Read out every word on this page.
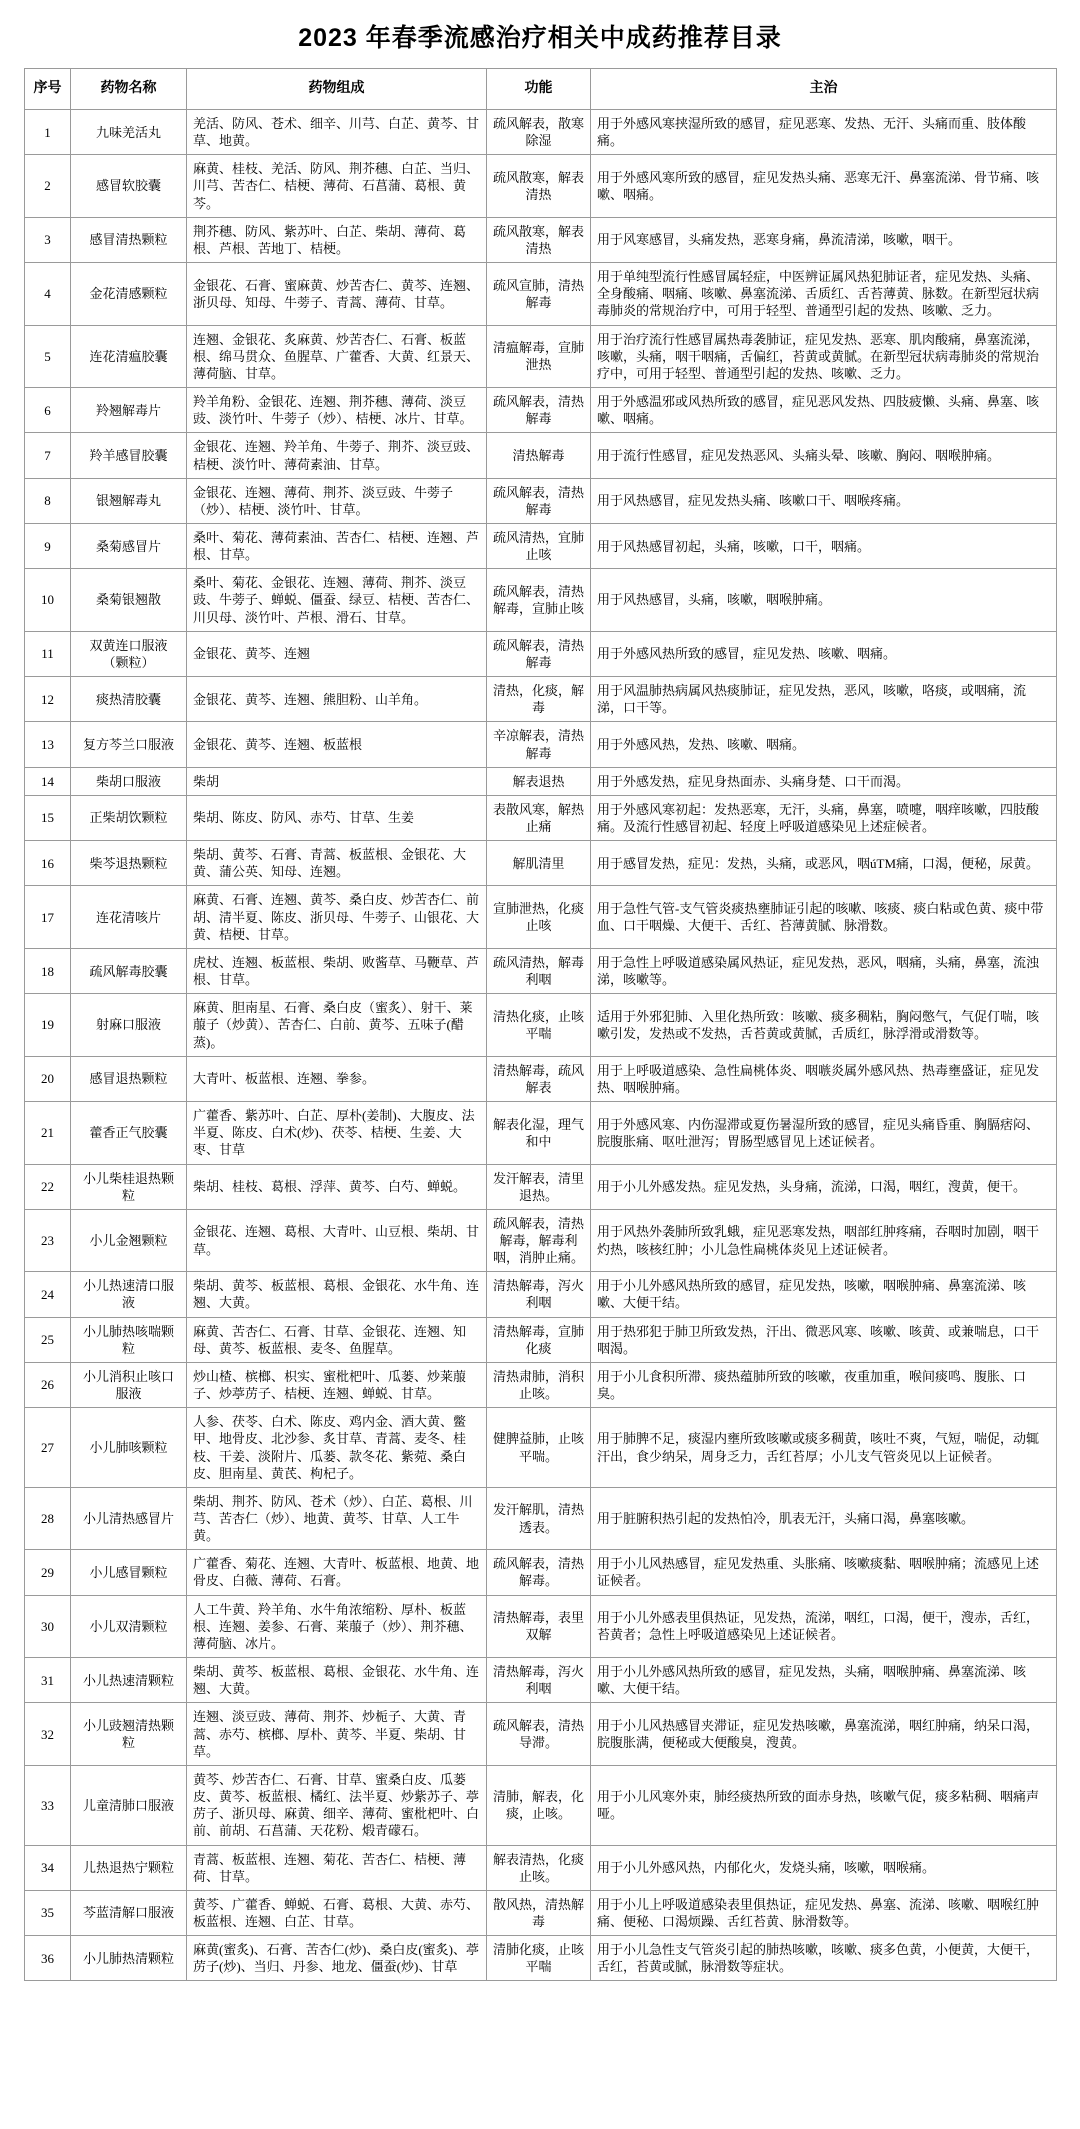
2023 年春季流感治疗相关中成药推荐目录
序号	药物名称	药物组成	功能	主治
1	九味羌活丸	羌活、防风、苍术、细辛、川芎、白芷、黄芩、甘草、地黄。	疏风解表，散寒除湿	用于外感风寒挟湿所致的感冒，症见恶寒、发热、无汗、头痛而重、肢体酸痛。
2	感冒软胶囊	麻黄、桂枝、羌活、防风、荆芥穗、白芷、当归、川芎、苦杏仁、桔梗、薄荷、石菖蒲、葛根、黄芩。	疏风散寒，解表清热	用于外感风寒所致的感冒，症见发热头痛、恶寒无汗、鼻塞流涕、骨节痛、咳嗽、咽痛。
3	感冒清热颗粒	荆芥穗、防风、紫苏叶、白芷、柴胡、薄荷、葛根、芦根、苦地丁、桔梗。	疏风散寒，解表清热	用于风寒感冒，头痛发热，恶寒身痛，鼻流清涕，咳嗽，咽干。
4	金花清感颗粒	金银花、石膏、蜜麻黄、炒苦杏仁、黄芩、连翘、浙贝母、知母、牛蒡子、青蒿、薄荷、甘草。	疏风宣肺，清热解毒	用于单纯型流行性感冒属轻症，中医辨证属风热犯肺证者，症见发热、头痛、全身酸痛、咽痛、咳嗽、鼻塞流涕、舌质红、舌苔薄黄、脉数。在新型冠状病毒肺炎的常规治疗中，可用于轻型、普通型引起的发热、咳嗽、乏力。
5	连花清瘟胶囊	连翘、金银花、炙麻黄、炒苦杏仁、石膏、板蓝根、绵马贯众、鱼腥草、广藿香、大黄、红景天、薄荷脑、甘草。	清瘟解毒，宣肺泄热	用于治疗流行性感冒属热毒袭肺证，症见发热、恶寒、肌肉酸痛，鼻塞流涕，咳嗽，头痛，咽干咽痛，舌偏红，苔黄或黄腻。在新型冠状病毒肺炎的常规治疗中，可用于轻型、普通型引起的发热、咳嗽、乏力。
6	羚翘解毒片	羚羊角粉、金银花、连翘、荆芥穗、薄荷、淡豆豉、淡竹叶、牛蒡子（炒）、桔梗、冰片、甘草。	疏风解表，清热解毒	用于外感温邪或风热所致的感冒，症见恶风发热、四肢疲懒、头痛、鼻塞、咳嗽、咽痛。
7	羚羊感冒胶囊	金银花、连翘、羚羊角、牛蒡子、荆芥、淡豆豉、桔梗、淡竹叶、薄荷素油、甘草。	清热解毒	用于流行性感冒，症见发热恶风、头痛头晕、咳嗽、胸闷、咽喉肿痛。
8	银翘解毒丸	金银花、连翘、薄荷、荆芥、淡豆豉、牛蒡子（炒）、桔梗、淡竹叶、甘草。	疏风解表，清热解毒	用于风热感冒，症见发热头痛、咳嗽口干、咽喉疼痛。
9	桑菊感冒片	桑叶、菊花、薄荷素油、苦杏仁、桔梗、连翘、芦根、甘草。	疏风清热，宜肺止咳	用于风热感冒初起，头痛，咳嗽，口干，咽痛。
10	桑菊银翘散	桑叶、菊花、金银花、连翘、薄荷、荆芥、淡豆豉、牛蒡子、蝉蜕、僵蚕、绿豆、桔梗、苦杏仁、川贝母、淡竹叶、芦根、滑石、甘草。	疏风解表，清热解毒，宣肺止咳	用于风热感冒，头痛，咳嗽，咽喉肿痛。
11	双黄连口服液（颗粒）	金银花、黄芩、连翘	疏风解表，清热解毒	用于外感风热所致的感冒，症见发热、咳嗽、咽痛。
12	痰热清胶囊	金银花、黄芩、连翘、熊胆粉、山羊角。	清热，化痰，解毒	用于风温肺热病属风热痰肺证，症见发热，恶风，咳嗽，咯痰，或咽痛，流涕，口干等。
13	复方芩兰口服液	金银花、黄芩、连翘、板蓝根	辛凉解表，清热解毒	用于外感风热，发热、咳嗽、咽痛。
14	柴胡口服液	柴胡	解表退热	用于外感发热，症见身热面赤、头痛身楚、口干而渴。
15	正柴胡饮颗粒	柴胡、陈皮、防风、赤芍、甘草、生姜	表散风寒，解热止痛	用于外感风寒初起：发热恶寒，无汗，头痛，鼻塞，喷嚏，咽痒咳嗽，四肢酸痛。及流行性感冒初起、轻度上呼吸道感染见上述症候者。
16	柴芩退热颗粒	柴胡、黄芩、石膏、青蒿、板蓝根、金银花、大黄、蒲公英、知母、连翘。	解肌清里	用于感冒发热，症见：发热，头痛，或恶风，咽úTM痛，口渴，便秘，尿黄。
17	连花清咳片	麻黄、石膏、连翘、黄芩、桑白皮、炒苦杏仁、前胡、清半夏、陈皮、浙贝母、牛蒡子、山银花、大黄、桔梗、甘草。	宣肺泄热，化痰止咳	用于急性气管-支气管炎痰热壅肺证引起的咳嗽、咳痰、痰白粘或色黄、痰中带血、口干咽燥、大便干、舌红、苔薄黄腻、脉滑数。
18	疏风解毒胶囊	虎杖、连翘、板蓝根、柴胡、败酱草、马鞭草、芦根、甘草。	疏风清热，解毒利咽	用于急性上呼吸道感染属风热证，症见发热，恶风，咽痛，头痛，鼻塞，流浊涕，咳嗽等。
19	射麻口服液	麻黄、胆南星、石膏、桑白皮（蜜炙）、射干、莱菔子（炒黄）、苦杏仁、白前、黄芩、五味子(醋蒸)。	清热化痰，止咳平喘	适用于外邪犯肺、入里化热所致：咳嗽、痰多稠粘，胸闷憋气，气促仃喘，咳嗽引发，发热或不发热，舌苔黄或黄腻，舌质红，脉浮滑或滑数等。
20	感冒退热颗粒	大青叶、板蓝根、连翘、拳参。	清热解毒，疏风解表	用于上呼吸道感染、急性扁桃体炎、咽嗾炎属外感风热、热毒壅盛证，症见发热、咽喉肿痛。
21	藿香正气胶囊	广藿香、紫苏叶、白芷、厚朴(姜制)、大腹皮、法半夏、陈皮、白术(炒)、茯苓、桔梗、生姜、大枣、甘草	解表化湿，理气和中	用于外感风寒、内伤湿滞或夏伤暑湿所致的感冒，症见头痛昏重、胸膈痞闷、脘腹胀痛、呕吐泄泻；胃肠型感冒见上述证候者。
22	小儿柴桂退热颗粒	柴胡、桂枝、葛根、浮萍、黄芩、白芍、蝉蜕。	发汗解表，清里退热。	用于小儿外感发热。症见发热，头身痛，流涕，口渴，咽红，溲黄，便干。
23	小儿金翘颗粒	金银花、连翘、葛根、大青叶、山豆根、柴胡、甘草。	疏风解表，清热解毒，解毒利咽，消肿止痛。	用于风热外袭肺所致乳蛾，症见恶寒发热，咽部红肿疼痛，吞咽时加剧，咽干灼热，咳核红肿；小儿急性扁桃体炎见上述证候者。
24	小儿热速清口服液	柴胡、黄芩、板蓝根、葛根、金银花、水牛角、连翘、大黄。	清热解毒，泻火利咽	用于小儿外感风热所致的感冒，症见发热，咳嗽，咽喉肿痛、鼻塞流涕、咳嗽、大便干结。
25	小儿肺热咳喘颗粒	麻黄、苦杏仁、石膏、甘草、金银花、连翘、知母、黄芩、板蓝根、麦冬、鱼腥草。	清热解毒，宣肺化痰	用于热邪犯于肺卫所致发热，汗出、微恶风寒、咳嗽、咳黄、或兼喘息，口干咽渴。
26	小儿消积止咳口服液	炒山楂、槟榔、枳实、蜜枇杷叶、瓜蒌、炒莱菔子、炒葶苈子、桔梗、连翘、蝉蜕、甘草。	清热肃肺，消积止咳。	用于小儿食积所滞、痰热蕴肺所致的咳嗽，夜重加重，喉间痰鸣、腹胀、口臭。
27	小儿肺咳颗粒	人参、茯苓、白术、陈皮、鸡内金、酒大黄、鳖甲、地骨皮、北沙参、炙甘草、青蒿、麦冬、桂枝、干姜、淡附片、瓜蒌、款冬花、紫菀、桑白皮、胆南星、黄芪、枸杞子。	健脾益肺，止咳平喘。	用于肺脾不足，痰湿内壅所致咳嗽或痰多稠黄，咳吐不爽，气短，喘促，动辄汗出，食少纳呆，周身乏力，舌红苔厚；小儿支气管炎见以上证候者。
28	小儿清热感冒片	柴胡、荆芥、防风、苍术（炒）、白芷、葛根、川芎、苦杏仁（炒）、地黄、黄芩、甘草、人工牛黄。	发汗解肌，清热透表。	用于脏腑积热引起的发热怕冷，肌表无汗，头痛口渴，鼻塞咳嗽。
29	小儿感冒颗粒	广藿香、菊花、连翘、大青叶、板蓝根、地黄、地骨皮、白薇、薄荷、石膏。	疏风解表，清热解毒。	用于小儿风热感冒，症见发热重、头胀痛、咳嗽痰黏、咽喉肿痛；流感见上述证候者。
30	小儿双清颗粒	人工牛黄、羚羊角、水牛角浓缩粉、厚朴、板蓝根、连翘、姜参、石膏、莱菔子（炒）、荆芥穗、薄荷脑、冰片。	清热解毒，表里双解	用于小儿外感表里俱热证，见发热，流涕，咽红，口渴，便干，溲赤，舌红，苔黄者；急性上呼吸道感染见上述证候者。
31	小儿热速清颗粒	柴胡、黄芩、板蓝根、葛根、金银花、水牛角、连翘、大黄。	清热解毒，泻火利咽	用于小儿外感风热所致的感冒，症见发热，头痛，咽喉肿痛、鼻塞流涕、咳嗽、大便干结。
32	小儿豉翘清热颗粒	连翘、淡豆豉、薄荷、荆芥、炒栀子、大黄、青蒿、赤芍、槟榔、厚朴、黄芩、半夏、柴胡、甘草。	疏风解表，清热导滞。	用于小儿风热感冒夹滞证，症见发热咳嗽，鼻塞流涕，咽红肿痛，纳呆口渴，脘腹胀满，便秘或大便酸臭，溲黄。
33	儿童清肺口服液	黄芩、炒苦杏仁、石膏、甘草、蜜桑白皮、瓜蒌皮、黄芩、板蓝根、橘红、法半夏、炒紫苏子、葶苈子、浙贝母、麻黄、细辛、薄荷、蜜枇杷叶、白前、前胡、石菖蒲、天花粉、煅青礞石。	清肺，解表，化痰，止咳。	用于小儿风寒外束，肺经痰热所致的面赤身热，咳嗽气促，痰多粘稠、咽痛声哑。
34	儿热退热宁颗粒	青蒿、板蓝根、连翘、菊花、苦杏仁、桔梗、薄荷、甘草。	解表清热，化痰止咳。	用于小儿外感风热，内郁化火，发烧头痛，咳嗽，咽喉痛。
35	芩蓝清解口服液	黄芩、广藿香、蝉蜕、石膏、葛根、大黄、赤芍、板蓝根、连翘、白芷、甘草。	散风热，清热解毒	用于小儿上呼吸道感染表里俱热证，症见发热、鼻塞、流涕、咳嗽、咽喉红肿痛、便秘、口渴烦躁、舌红苔黄、脉滑数等。
36	小儿肺热清颗粒	麻黄(蜜炙)、石膏、苦杏仁(炒)、桑白皮(蜜炙)、葶苈子(炒)、当归、丹参、地龙、僵蚕(炒)、甘草	清肺化痰，止咳平喘	用于小儿急性支气管炎引起的肺热咳嗽，咳嗽、痰多色黄，小便黄，大便干，舌红，苔黄或腻，脉滑数等症状。
